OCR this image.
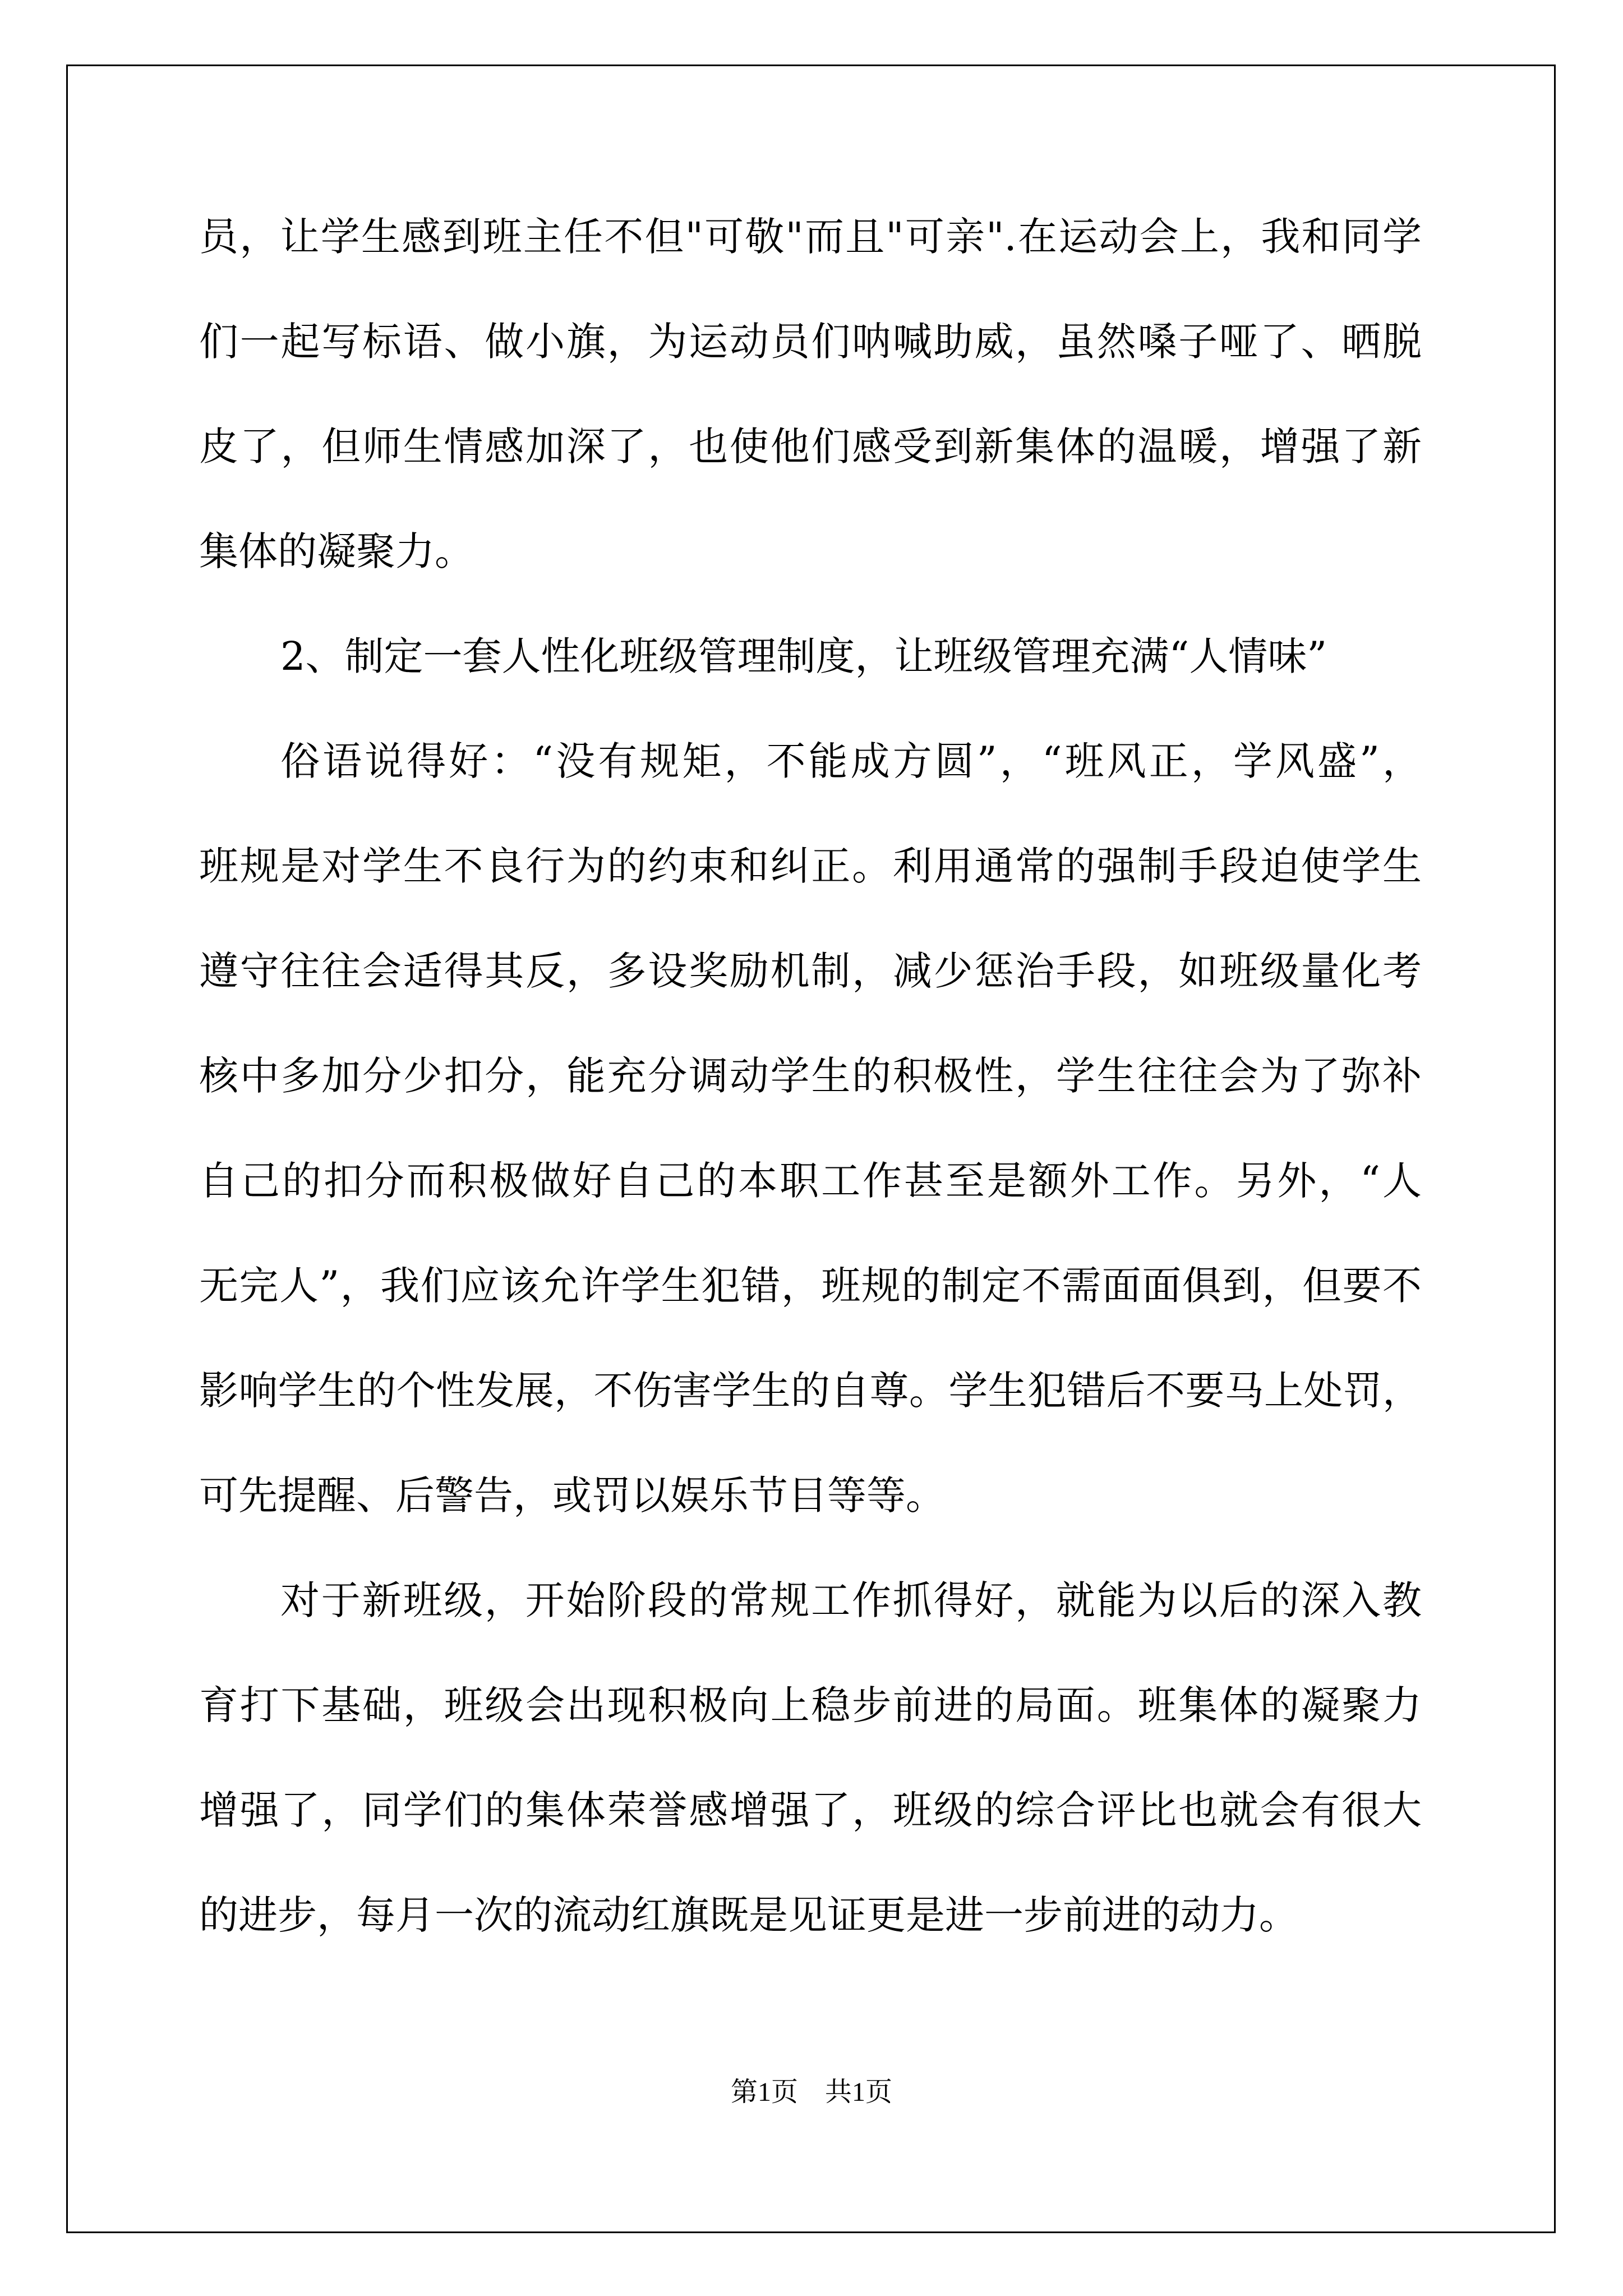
员，让学生感到班主任不但"可敬"而且"可亲".在运动会上，我和同学
们一起写标语、做小旗，为运动员们呐喊助威，虽然嗓子哑了、晒脱
皮了，但师生情感加深了，也使他们感受到新集体的温暖，增强了新
集体的凝聚力。
2、制定一套人性化班级管理制度，让班级管理充满“人情味”
俗语说得好：“没有规矩，不能成方圆”，“班风正，学风盛”，
班规是对学生不良行为的约束和纠正。利用通常的强制手段迫使学生
遵守往往会适得其反，多设奖励机制，减少惩治手段，如班级量化考
核中多加分少扣分，能充分调动学生的积极性，学生往往会为了弥补
自己的扣分而积极做好自己的本职工作甚至是额外工作。另外，“人
无完人”，我们应该允许学生犯错，班规的制定不需面面俱到，但要不
影响学生的个性发展，不伤害学生的自尊。学生犯错后不要马上处罚，
可先提醒、后警告，或罚以娱乐节目等等。
对于新班级，开始阶段的常规工作抓得好，就能为以后的深入教
育打下基础，班级会出现积极向上稳步前进的局面。班集体的凝聚力
增强了，同学们的集体荣誉感增强了，班级的综合评比也就会有很大
的进步，每月一次的流动红旗既是见证更是进一步前进的动力。
第1页　共1页
